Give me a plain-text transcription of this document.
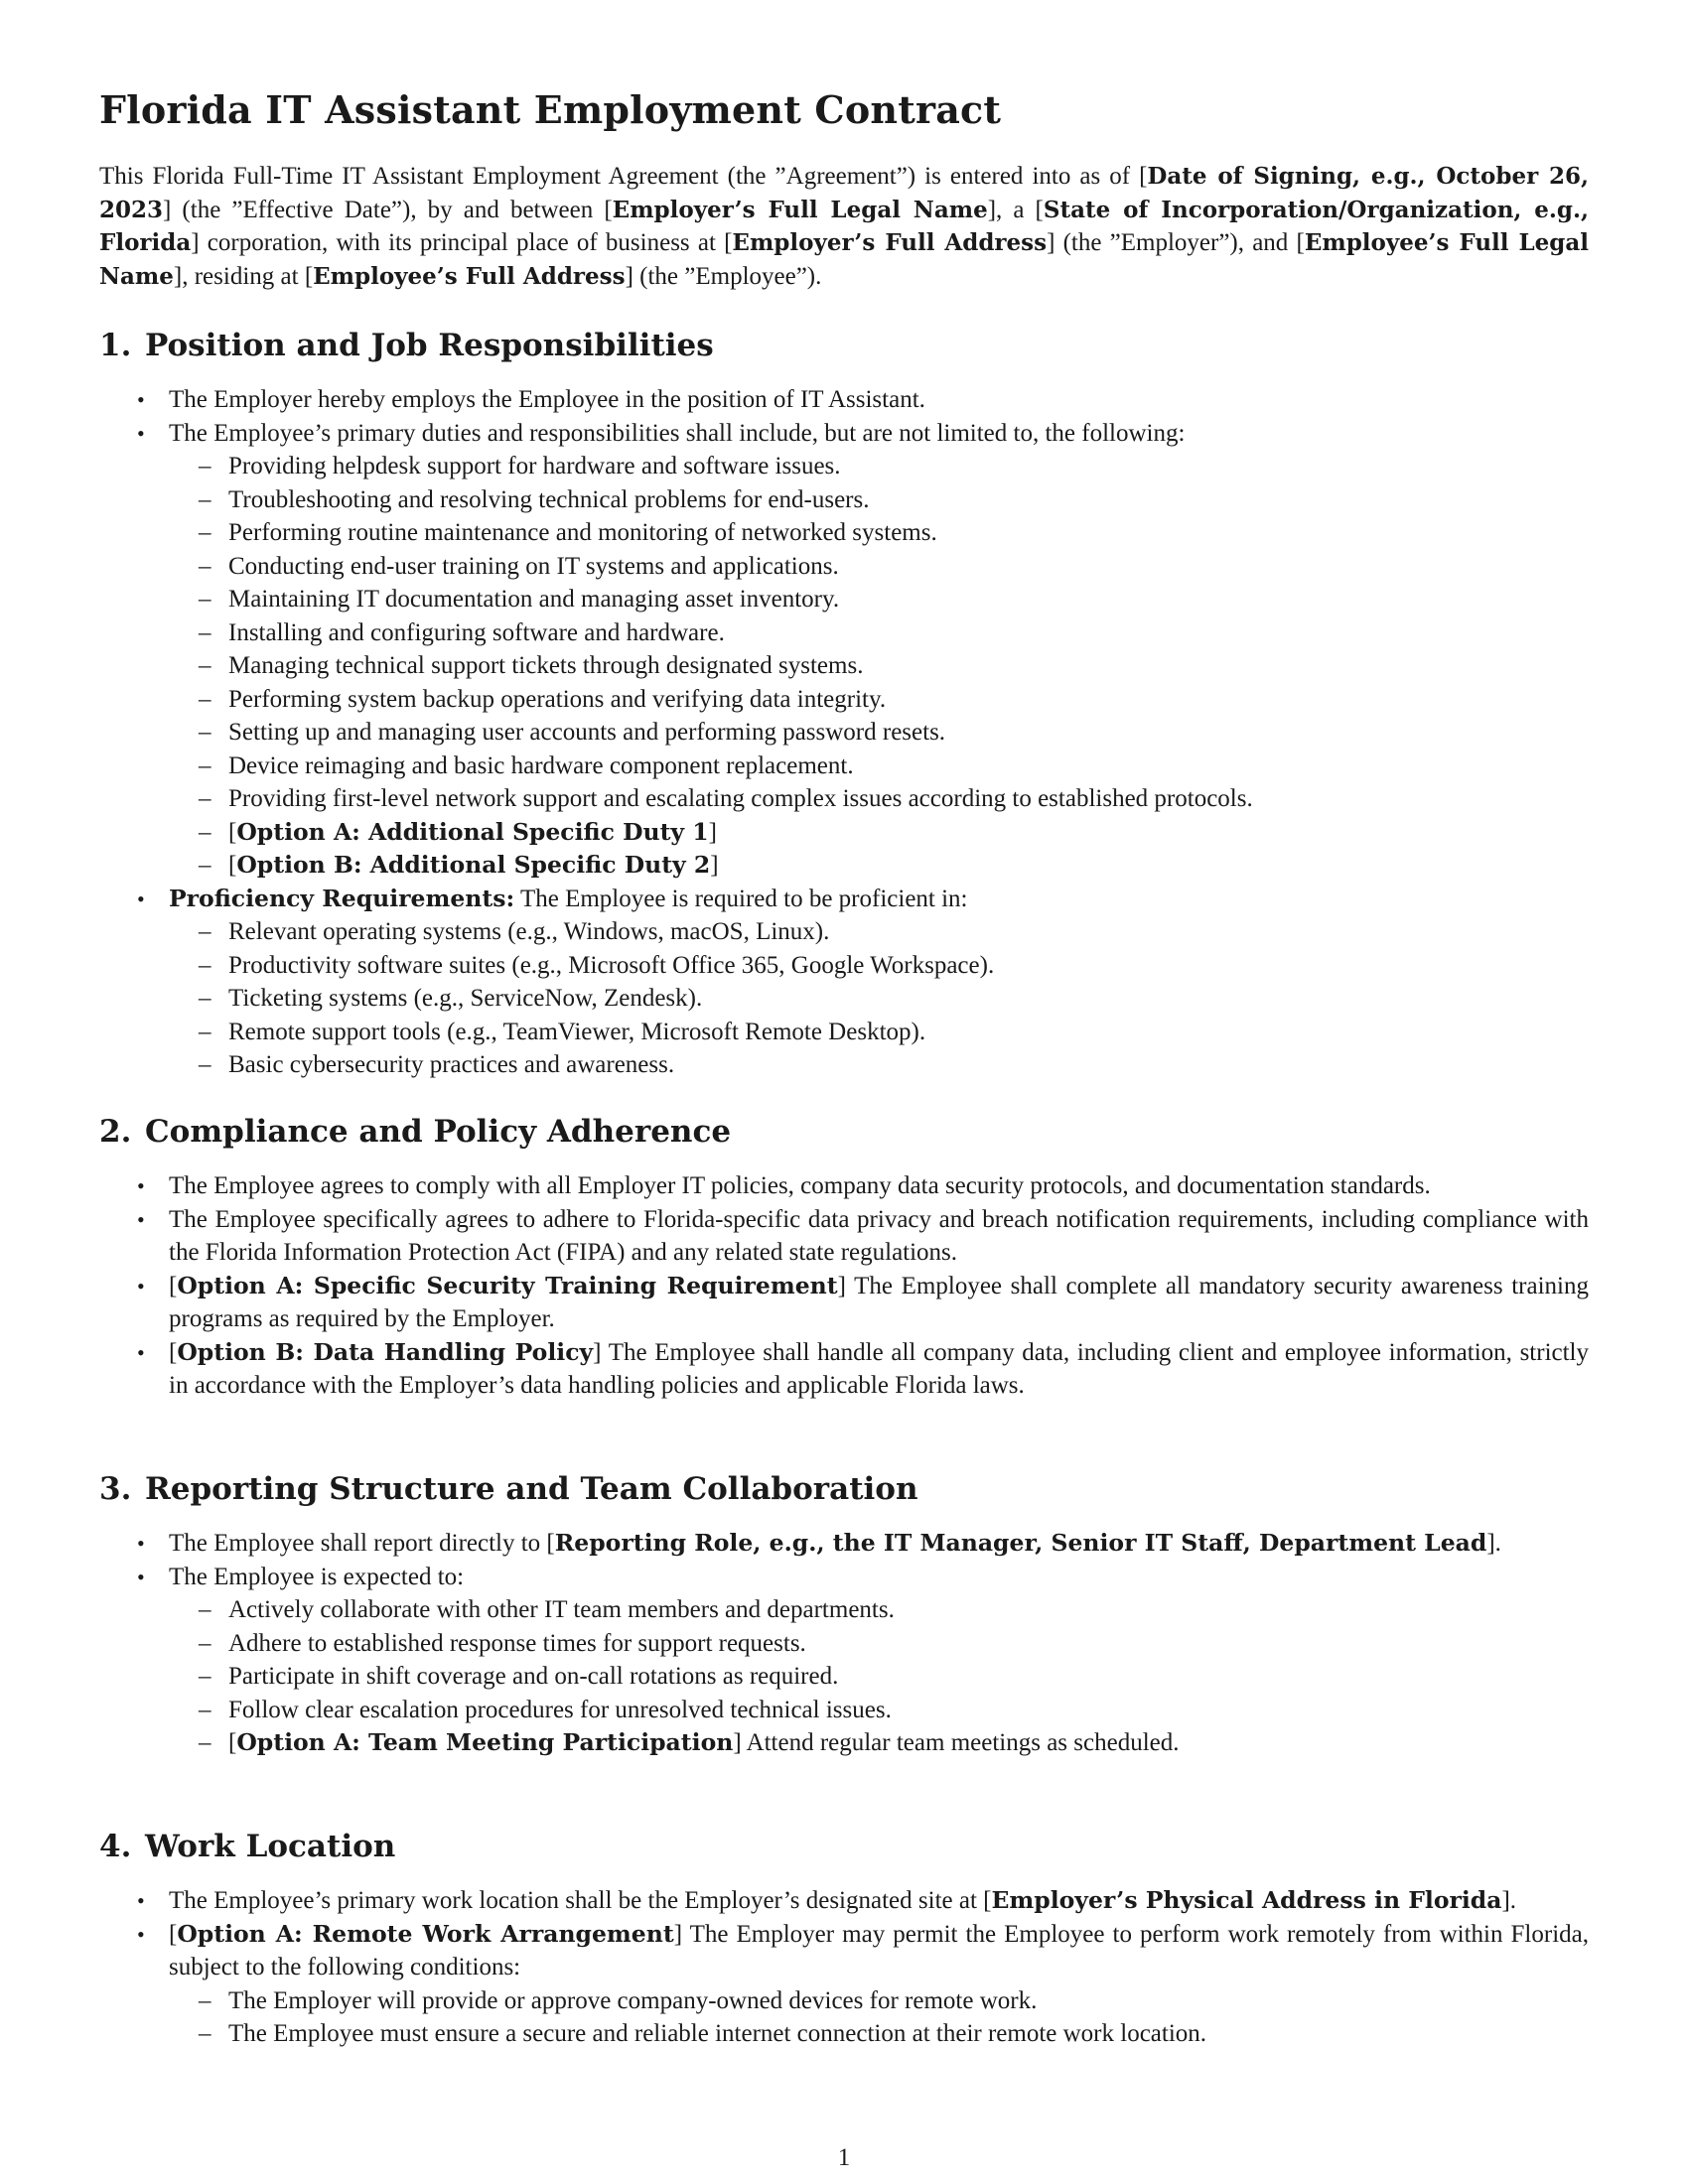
Florida IT Assistant Employment Contract

This Florida Full-Time IT Assistant Employment Agreement (the ”Agreement”) is entered into as of [Date of Signing, e.g., October 26, 2023] (the ”Effective Date”), by and between [Employer’s Full Legal Name], a [State of Incorporation/Organization, e.g., Florida] corporation, with its principal place of business at [Employer’s Full Address] (the ”Employer”), and [Employee’s Full Legal Name], residing at [Employee’s Full Address] (the ”Employee”).

1. Position and Job Responsibilities
• The Employer hereby employs the Employee in the position of IT Assistant.
• The Employee’s primary duties and responsibilities shall include, but are not limited to, the following:
– Providing helpdesk support for hardware and software issues.
– Troubleshooting and resolving technical problems for end-users.
– Performing routine maintenance and monitoring of networked systems.
– Conducting end-user training on IT systems and applications.
– Maintaining IT documentation and managing asset inventory.
– Installing and configuring software and hardware.
– Managing technical support tickets through designated systems.
– Performing system backup operations and verifying data integrity.
– Setting up and managing user accounts and performing password resets.
– Device reimaging and basic hardware component replacement.
– Providing first-level network support and escalating complex issues according to established protocols.
– [Option A: Additional Specific Duty 1]
– [Option B: Additional Specific Duty 2]
• Proficiency Requirements: The Employee is required to be proficient in:
– Relevant operating systems (e.g., Windows, macOS, Linux).
– Productivity software suites (e.g., Microsoft Office 365, Google Workspace).
– Ticketing systems (e.g., ServiceNow, Zendesk).
– Remote support tools (e.g., TeamViewer, Microsoft Remote Desktop).
– Basic cybersecurity practices and awareness.
2. Compliance and Policy Adherence
• The Employee agrees to comply with all Employer IT policies, company data security protocols, and documentation standards.
• The Employee specifically agrees to adhere to Florida-specific data privacy and breach notification requirements, including compliance with the Florida Information Protection Act (FIPA) and any related state regulations.
• [Option A: Specific Security Training Requirement] The Employee shall complete all mandatory security awareness training programs as required by the Employer.
• [Option B: Data Handling Policy] The Employee shall handle all company data, including client and employee information, strictly in accordance with the Employer’s data handling policies and applicable Florida laws.
3. Reporting Structure and Team Collaboration
• The Employee shall report directly to [Reporting Role, e.g., the IT Manager, Senior IT Staff, Department Lead].
• The Employee is expected to:
– Actively collaborate with other IT team members and departments.
– Adhere to established response times for support requests.
– Participate in shift coverage and on-call rotations as required.
– Follow clear escalation procedures for unresolved technical issues.
– [Option A: Team Meeting Participation] Attend regular team meetings as scheduled.
4. Work Location
• The Employee’s primary work location shall be the Employer’s designated site at [Employer’s Physical Address in Florida].
• [Option A: Remote Work Arrangement] The Employer may permit the Employee to perform work remotely from within Florida, subject to the following conditions:
– The Employer will provide or approve company-owned devices for remote work.
– The Employee must ensure a secure and reliable internet connection at their remote work location.
1
